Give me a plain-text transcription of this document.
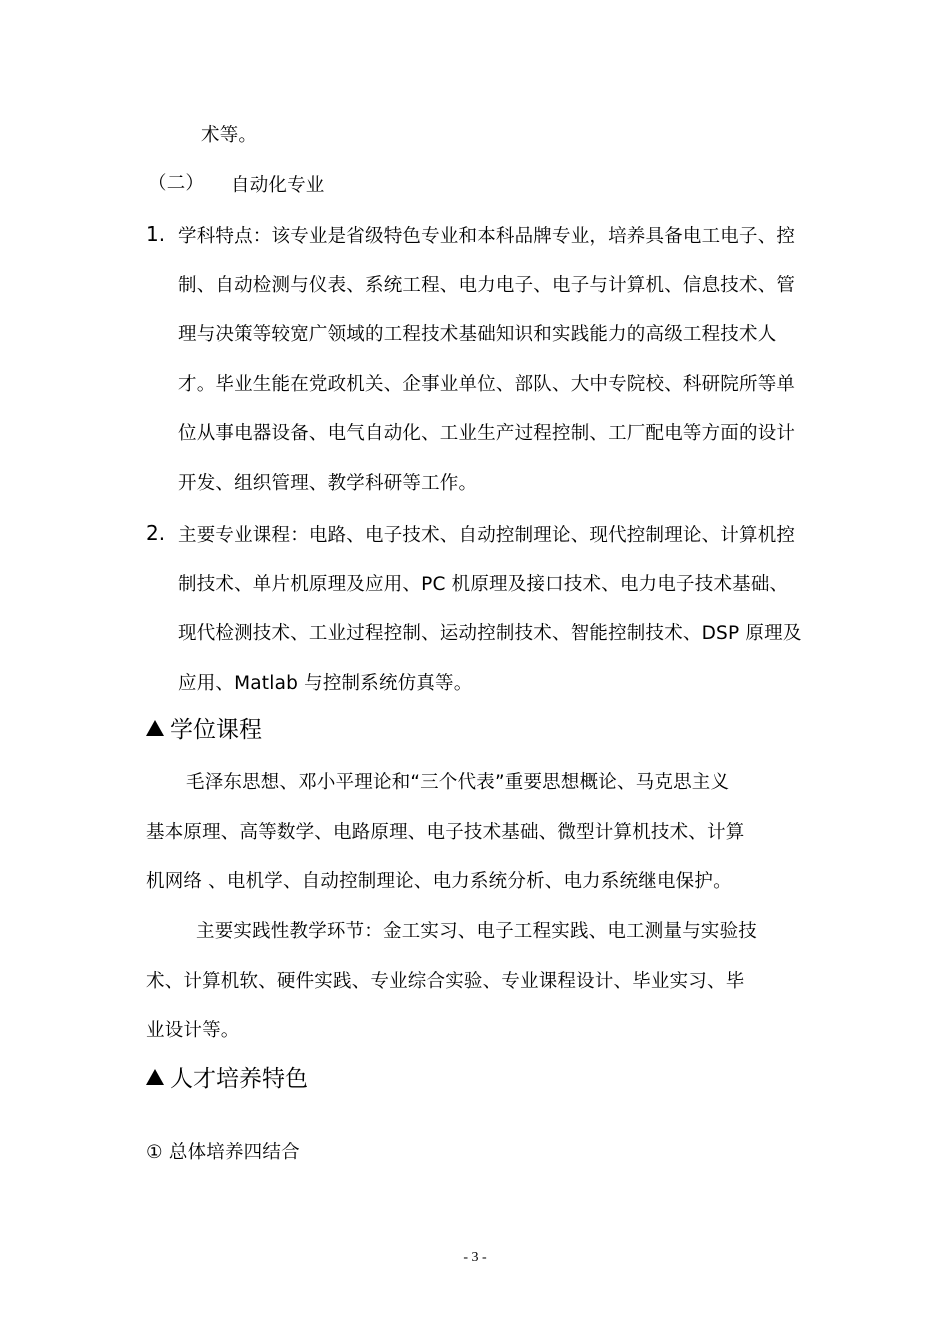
术等。
（二） 自动化专业
1. 学科特点：该专业是省级特色专业和本科品牌专业，培养具备电工电子、控
制、自动检测与仪表、系统工程、电力电子、电子与计算机、信息技术、管
理与决策等较宽广领域的工程技术基础知识和实践能力的高级工程技术人
才。毕业生能在党政机关、企事业单位、部队、大中专院校、科研院所等单
位从事电器设备、电气自动化、工业生产过程控制、工厂配电等方面的设计
开发、组织管理、教学科研等工作。
2. 主要专业课程：电路、电子技术、自动控制理论、现代控制理论、计算机控
制技术、单片机原理及应用、PC 机原理及接口技术、电力电子技术基础、
现代检测技术、工业过程控制、运动控制技术、智能控制技术、DSP 原理及
应用、Matlab 与控制系统仿真等。
学位课程
毛泽东思想、邓小平理论和“三个代表”重要思想概论、马克思主义
基本原理、高等数学、电路原理、电子技术基础、微型计算机技术、计算
机网络 、电机学、自动控制理论、电力系统分析、电力系统继电保护。
主要实践性教学环节：金工实习、电子工程实践、电工测量与实验技
术、计算机软、硬件实践、专业综合实验、专业课程设计、毕业实习、毕
业设计等。
人才培养特色
① 总体培养四结合
- 3 -
